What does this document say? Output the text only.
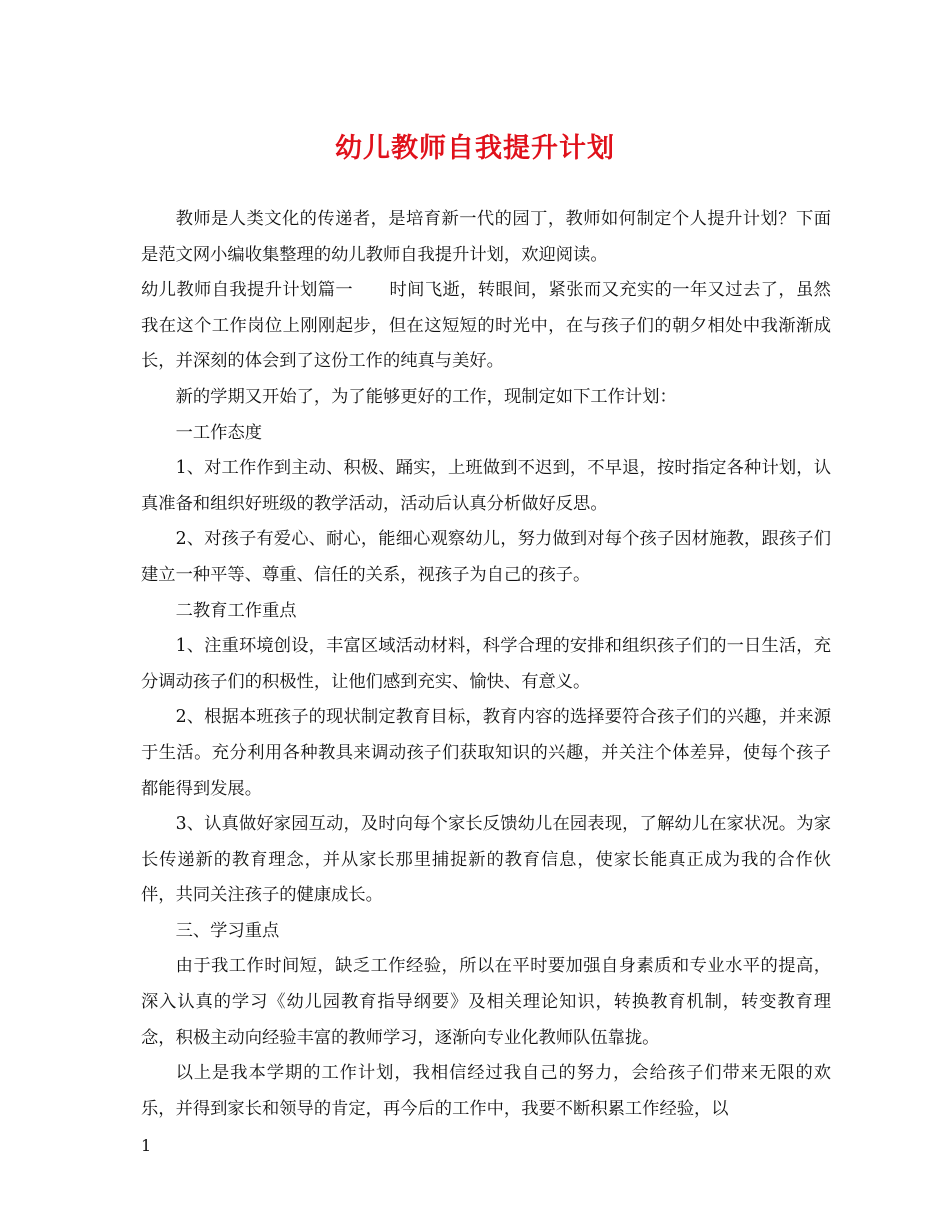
幼儿教师自我提升计划

教师是人类文化的传递者，是培育新一代的园丁，教师如何制定个人提升计划？下面是范文网小编收集整理的幼儿教师自我提升计划，欢迎阅读。

幼儿教师自我提升计划篇一 时间飞逝，转眼间，紧张而又充实的一年又过去了，虽然我在这个工作岗位上刚刚起步，但在这短短的时光中，在与孩子们的朝夕相处中我渐渐成长，并深刻的体会到了这份工作的纯真与美好。

新的学期又开始了，为了能够更好的工作，现制定如下工作计划：

一工作态度

1、对工作作到主动、积极、踊实，上班做到不迟到，不早退，按时指定各种计划，认真准备和组织好班级的教学活动，活动后认真分析做好反思。

2、对孩子有爱心、耐心，能细心观察幼儿，努力做到对每个孩子因材施教，跟孩子们建立一种平等、尊重、信任的关系，视孩子为自己的孩子。

二教育工作重点

1、注重环境创设，丰富区域活动材料，科学合理的安排和组织孩子们的一日生活，充分调动孩子们的积极性，让他们感到充实、愉快、有意义。

2、根据本班孩子的现状制定教育目标，教育内容的选择要符合孩子们的兴趣，并来源于生活。充分利用各种教具来调动孩子们获取知识的兴趣，并关注个体差异，使每个孩子都能得到发展。

3、认真做好家园互动，及时向每个家长反馈幼儿在园表现，了解幼儿在家状况。为家长传递新的教育理念，并从家长那里捕捉新的教育信息，使家长能真正成为我的合作伙伴，共同关注孩子的健康成长。

三、学习重点

由于我工作时间短，缺乏工作经验，所以在平时要加强自身素质和专业水平的提高，深入认真的学习《幼儿园教育指导纲要》及相关理论知识，转换教育机制，转变教育理念，积极主动向经验丰富的教师学习，逐渐向专业化教师队伍靠拢。

以上是我本学期的工作计划，我相信经过我自己的努力，会给孩子们带来无限的欢乐，并得到家长和领导的肯定，再今后的工作中，我要不断积累工作经验，以

1
